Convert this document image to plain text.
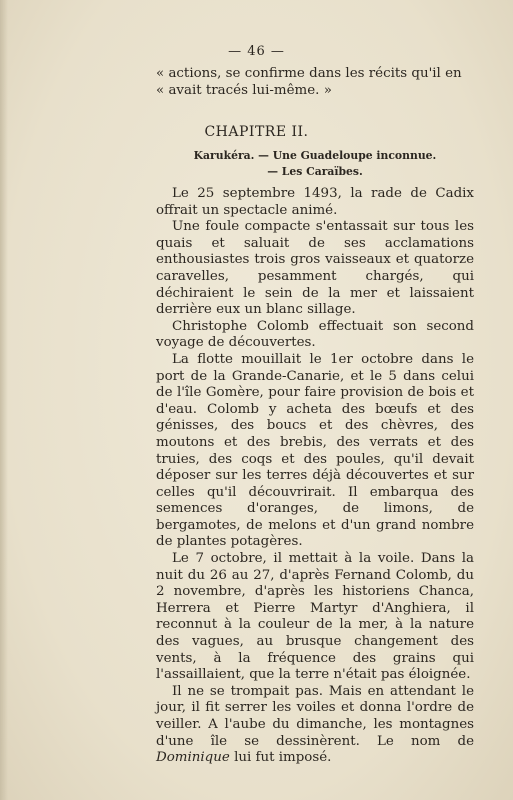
— 46 —
« actions, se confirme dans les récits qu'il en
« avait tracés lui-même. »
CHAPITRE II.
Karukéra. — Une Guadeloupe inconnue.
— Les Caraïbes.

Le 25 septembre 1493, la rade de Cadix offrait un spectacle animé.

Une foule compacte s'entassait sur tous les quais et saluait de ses acclamations enthousiastes trois gros vaisseaux et quatorze caravelles, pesamment chargés, qui déchiraient le sein de la mer et laissaient derrière eux un blanc sillage.

Christophe Colomb effectuait son second voyage de découvertes.

La flotte mouillait le 1er octobre dans le port de la Grande-Canarie, et le 5 dans celui de l'île Gomère, pour faire provision de bois et d'eau. Colomb y acheta des bœufs et des génisses, des boucs et des chèvres, des moutons et des brebis, des verrats et des truies, des coqs et des poules, qu'il devait déposer sur les terres déjà découvertes et sur celles qu'il découvrirait. Il embarqua des semences d'oranges, de limons, de bergamotes, de melons et d'un grand nombre de plantes potagères.

Le 7 octobre, il mettait à la voile. Dans la nuit du 26 au 27, d'après Fernand Colomb, du 2 novembre, d'après les historiens Chanca, Herrera et Pierre Martyr d'Anghiera, il reconnut à la couleur de la mer, à la nature des vagues, au brusque changement des vents, à la fréquence des grains qui l'assaillaient, que la terre n'était pas éloignée.

Il ne se trompait pas. Mais en attendant le jour, il fit serrer les voiles et donna l'ordre de veiller. A l'aube du dimanche, les montagnes d'une île se dessinèrent. Le nom de Dominique lui fut imposé.
